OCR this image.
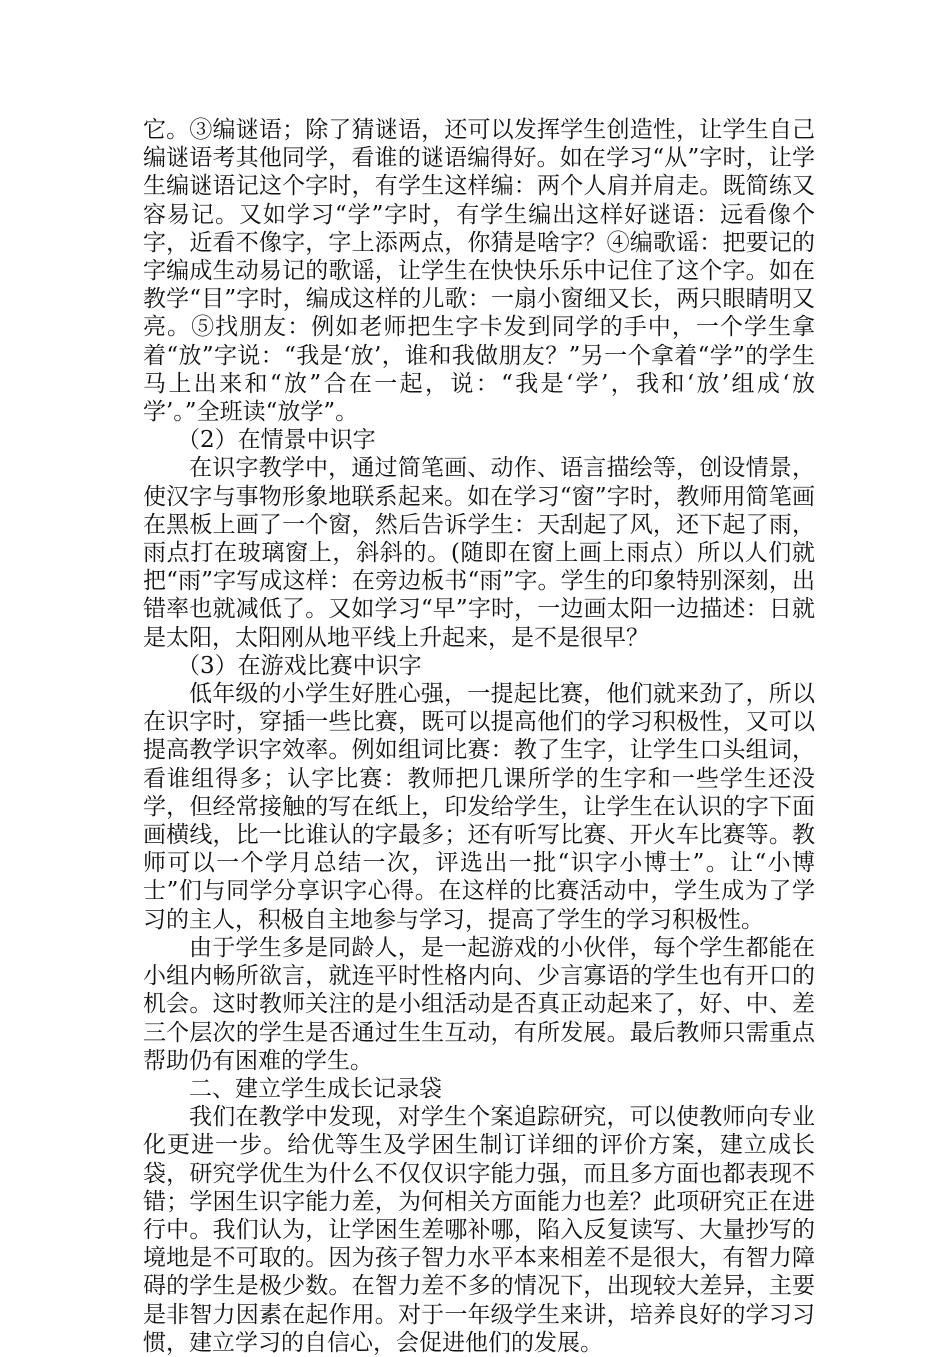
它。③编谜语；除了猜谜语，还可以发挥学生创造性，让学生自己编谜语考其他同学，看谁的谜语编得好。如在学习“从”字时，让学生编谜语记这个字时，有学生这样编：两个人肩并肩走。既简练又容易记。又如学习“学”字时，有学生编出这样好谜语：远看像个字，近看不像字，字上添两点，你猜是啥字？④编歌谣：把要记的字编成生动易记的歌谣，让学生在快快乐乐中记住了这个字。如在教学“目”字时，编成这样的儿歌：一扇小窗细又长，两只眼睛明又亮。⑤找朋友：例如老师把生字卡发到同学的手中，一个学生拿着“放”字说：“我是‘放’，谁和我做朋友？”另一个拿着“学”的学生马上出来和“放”合在一起，说：“我是‘学’，我和‘放’组成‘放学’。”全班读“放学”。

（2）在情景中识字

在识字教学中，通过简笔画、动作、语言描绘等，创设情景，使汉字与事物形象地联系起来。如在学习“窗”字时，教师用简笔画在黑板上画了一个窗，然后告诉学生：天刮起了风，还下起了雨，雨点打在玻璃窗上，斜斜的。(随即在窗上画上雨点）所以人们就把“雨”字写成这样：在旁边板书“雨”字。学生的印象特别深刻，出错率也就减低了。又如学习“早”字时，一边画太阳一边描述：日就是太阳，太阳刚从地平线上升起来，是不是很早？

（3）在游戏比赛中识字

低年级的小学生好胜心强，一提起比赛，他们就来劲了，所以在识字时，穿插一些比赛，既可以提高他们的学习积极性，又可以提高教学识字效率。例如组词比赛：教了生字，让学生口头组词，看谁组得多；认字比赛：教师把几课所学的生字和一些学生还没学，但经常接触的写在纸上，印发给学生，让学生在认识的字下面画横线，比一比谁认的字最多；还有听写比赛、开火车比赛等。教师可以一个学月总结一次，评选出一批“识字小博士”。让“小博士”们与同学分享识字心得。在这样的比赛活动中，学生成为了学习的主人，积极自主地参与学习，提高了学生的学习积极性。

由于学生多是同龄人，是一起游戏的小伙伴，每个学生都能在小组内畅所欲言，就连平时性格内向、少言寡语的学生也有开口的机会。这时教师关注的是小组活动是否真正动起来了，好、中、差三个层次的学生是否通过生生互动，有所发展。最后教师只需重点帮助仍有困难的学生。

二、建立学生成长记录袋

我们在教学中发现，对学生个案追踪研究，可以使教师向专业化更进一步。给优等生及学困生制订详细的评价方案，建立成长袋，研究学优生为什么不仅仅识字能力强，而且多方面也都表现不错；学困生识字能力差，为何相关方面能力也差？此项研究正在进行中。我们认为，让学困生差哪补哪，陷入反复读写、大量抄写的境地是不可取的。因为孩子智力水平本来相差不是很大，有智力障碍的学生是极少数。在智力差不多的情况下，出现较大差异，主要是非智力因素在起作用。对于一年级学生来讲，培养良好的学习习惯，建立学习的自信心，会促进他们的发展。
